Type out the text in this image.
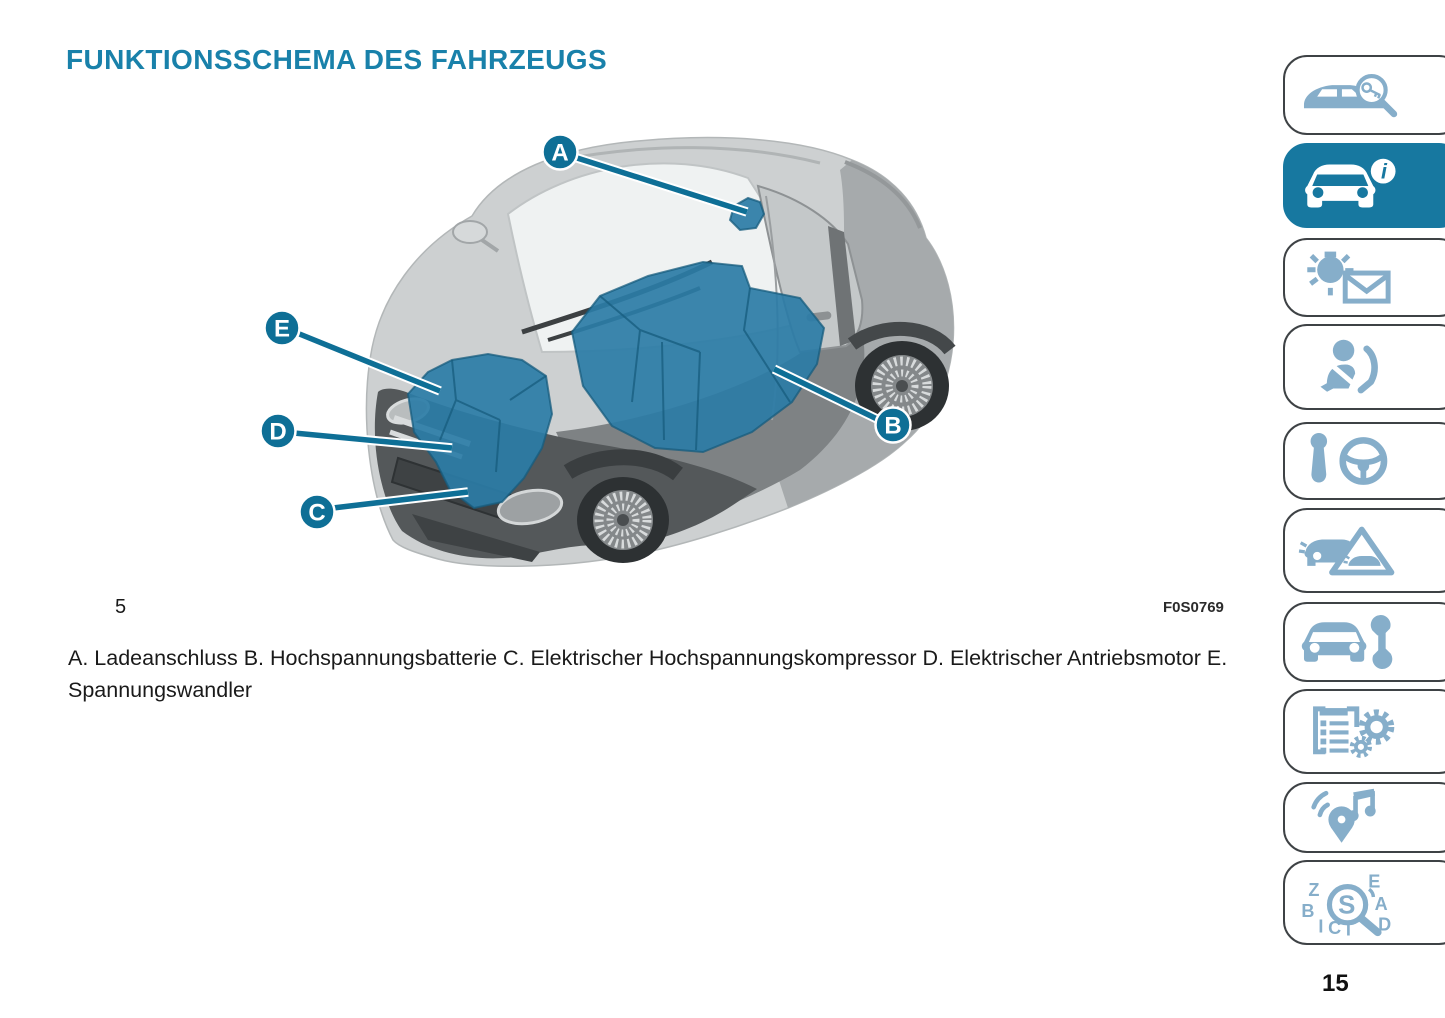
FUNKTIONSSCHEMA DES FAHRZEUGS
A
B
C
D
E
5	F0S0769

A. Ladeanschluss B. Hochspannungsbatterie C. Elektrischer Hochspannungskompressor D. Elektrischer Antriebsmotor E. Spannungswandler

i
Z E
B	A
I C T D
S
15
